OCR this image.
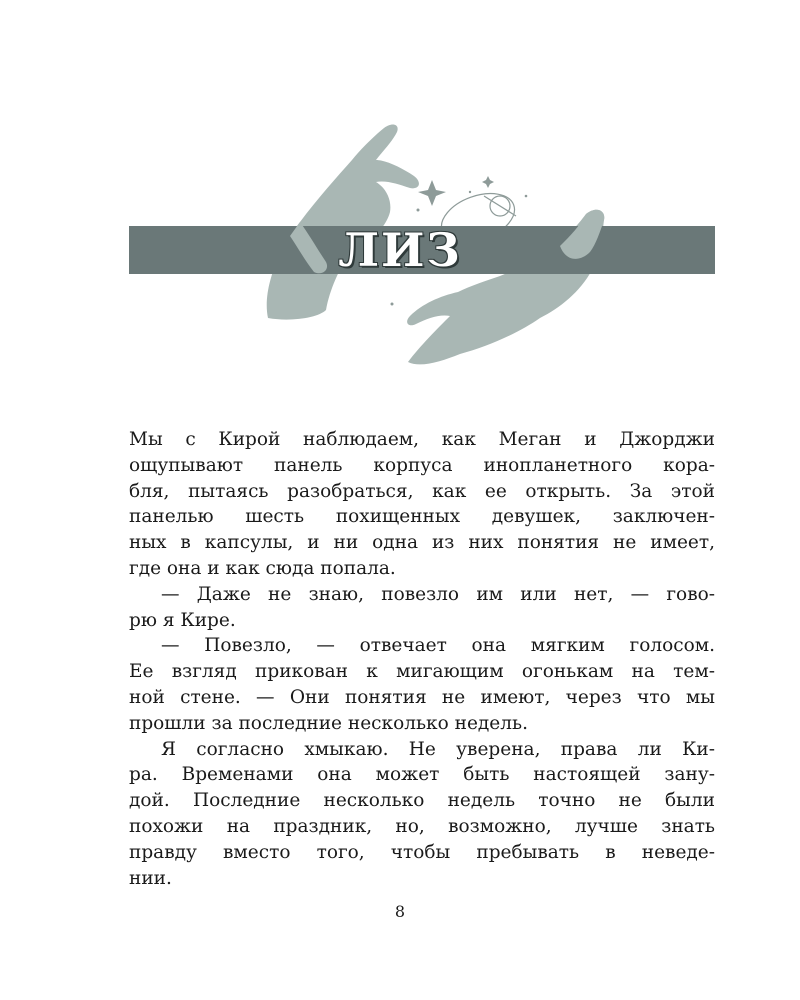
ЛИЗ
Мы с Кирой наблюдаем, как Меган и Джорджи
ощупывают панель корпуса инопланетного кора-
бля, пытаясь разобраться, как ее открыть. За этой
панелью шесть похищенных девушек, заключен-
ных в капсулы, и ни одна из них понятия не имеет,
где она и как сюда попала.
— Даже не знаю, повезло им или нет, — гово-
рю я Кире.
— Повезло, — отвечает она мягким голосом.
Ее взгляд прикован к мигающим огонькам на тем-
ной стене. — Они понятия не имеют, через что мы
прошли за последние несколько недель.
Я согласно хмыкаю. Не уверена, права ли Ки-
ра. Временами она может быть настоящей зану-
дой. Последние несколько недель точно не были
похожи на праздник, но, возможно, лучше знать
правду вместо того, чтобы пребывать в неведе-
нии.
8
